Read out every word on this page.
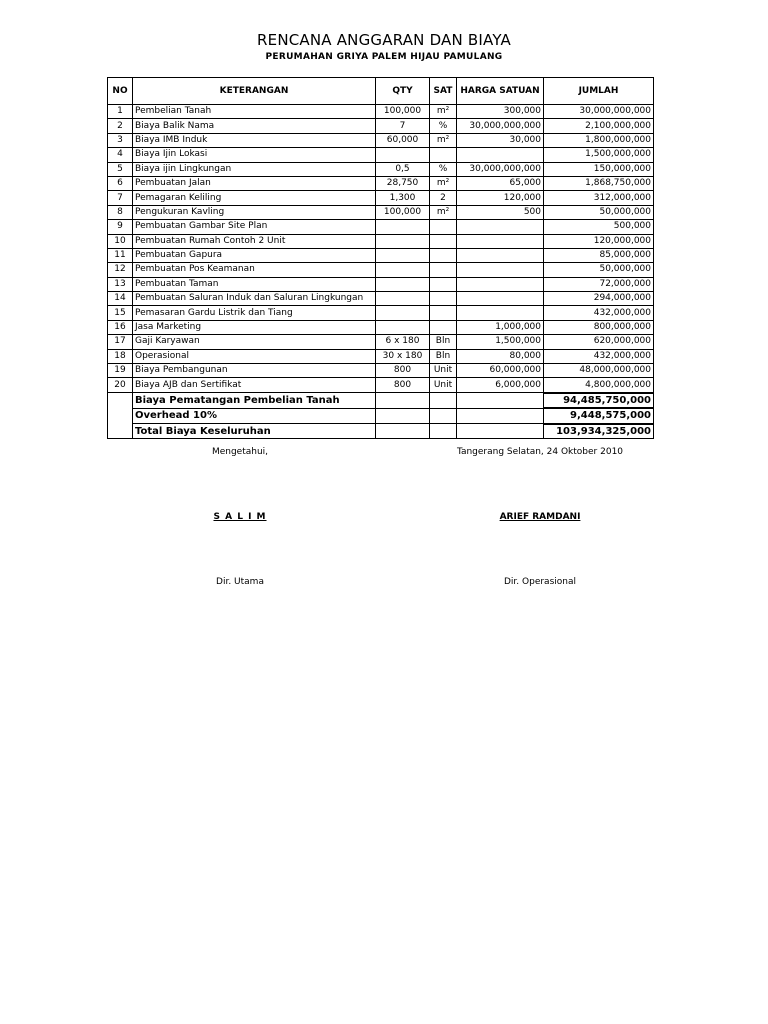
RENCANA ANGGARAN DAN BIAYA
PERUMAHAN GRIYA PALEM HIJAU PAMULANG
NO	KETERANGAN	QTY	SAT	HARGA SATUAN	JUMLAH
1	Pembelian Tanah	100,000	m²	300,000	30,000,000,000
2	Biaya Balik Nama	7	%	30,000,000,000	2,100,000,000
3	Biaya IMB Induk	60,000	m²	30,000	1,800,000,000
4	Biaya Ijin Lokasi				1,500,000,000
5	Biaya ijin Lingkungan	0,5	%	30,000,000,000	150,000,000
6	Pembuatan Jalan	28,750	m²	65,000	1,868,750,000
7	Pemagaran Keliling	1,300	2	120,000	312,000,000
8	Pengukuran Kavling	100,000	m²	500	50,000,000
9	Pembuatan Gambar Site Plan				500,000
10	Pembuatan Rumah Contoh 2 Unit				120,000,000
11	Pembuatan Gapura				85,000,000
12	Pembuatan Pos Keamanan				50,000,000
13	Pembuatan Taman				72,000,000
14	Pembuatan Saluran Induk dan Saluran Lingkungan				294,000,000
15	Pemasaran Gardu Listrik dan Tiang				432,000,000
16	Jasa Marketing			1,000,000	800,000,000
17	Gaji Karyawan	6 x 180	Bln	1,500,000	620,000,000
18	Operasional	30 x 180	Bln	80,000	432,000,000
19	Biaya Pembangunan	800	Unit	60,000,000	48,000,000,000
20	Biaya AJB dan Sertifikat	800	Unit	6,000,000	4,800,000,000
	Biaya Pematangan Pembelian Tanah				94,485,750,000
	Overhead 10%				9,448,575,000
	Total Biaya Keseluruhan				103,934,325,000
Mengetahui,	Tangerang Selatan, 24 Oktober 2010
S A L I M	ARIEF RAMDANI
Dir. Utama	Dir. Operasional
